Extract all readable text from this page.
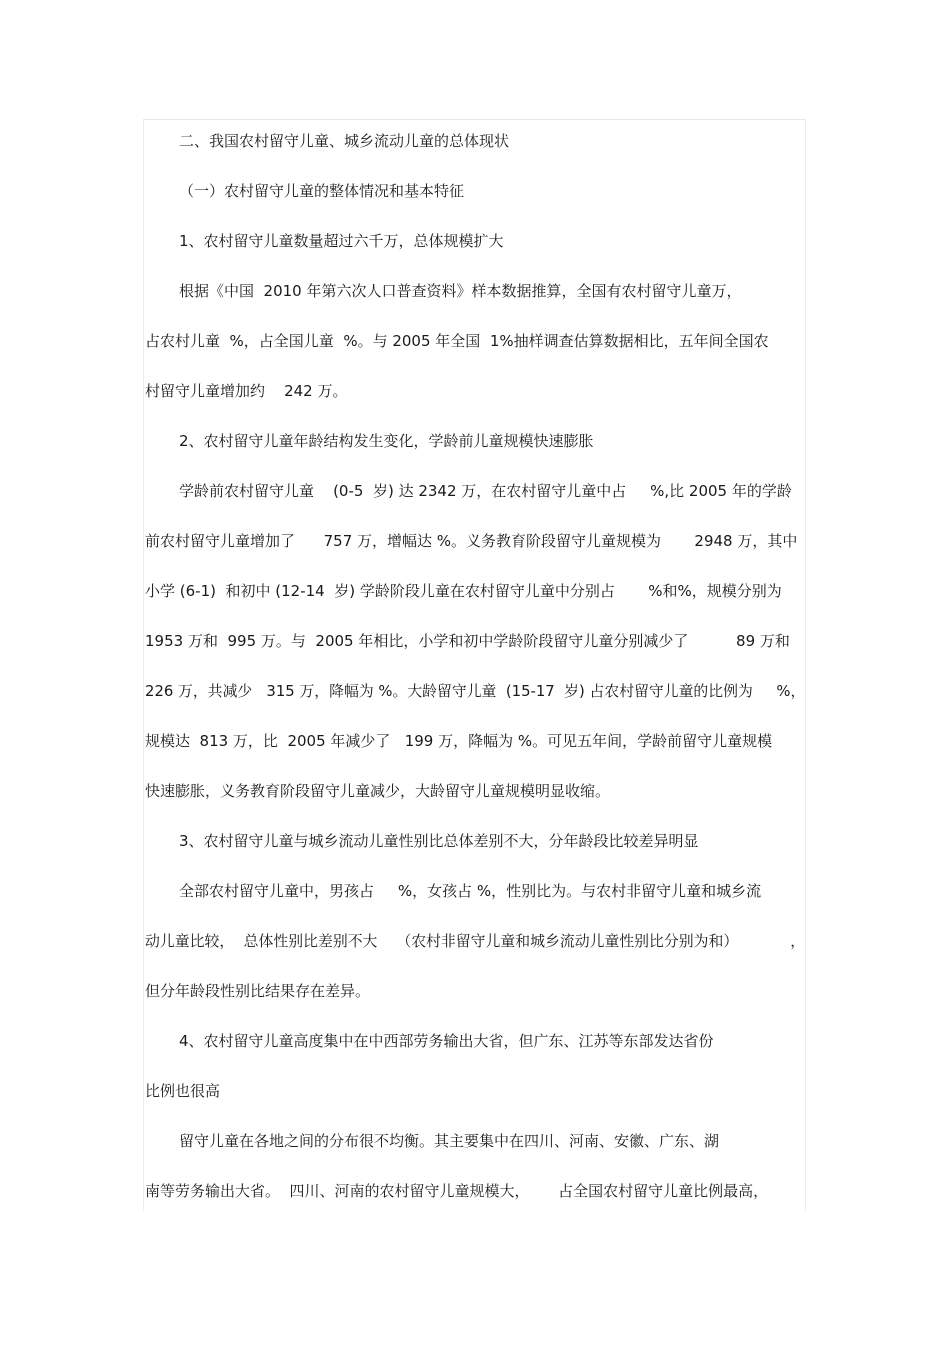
二、我国农村留守儿童、城乡流动儿童的总体现状
（一）农村留守儿童的整体情况和基本特征
1、农村留守儿童数量超过六千万，总体规模扩大
根据《中国  2010 年第六次人口普查资料》样本数据推算，全国有农村留守儿童万，
占农村儿童  %，占全国儿童  %。与 2005 年全国  1%抽样调查估算数据相比，五年间全国农
村留守儿童增加约    242 万。
2、农村留守儿童年龄结构发生变化，学龄前儿童规模快速膨胀
学龄前农村留守儿童    (0-5  岁) 达 2342 万，在农村留守儿童中占     %,比 2005 年的学龄
前农村留守儿童增加了      757 万，增幅达 %。义务教育阶段留守儿童规模为       2948 万，其中
小学 (6-1)  和初中 (12-14  岁) 学龄阶段儿童在农村留守儿童中分别占       %和%，规模分别为
1953 万和  995 万。与  2005 年相比，小学和初中学龄阶段留守儿童分别减少了          89 万和
226 万，共减少   315 万，降幅为 %。大龄留守儿童  (15-17  岁) 占农村留守儿童的比例为     %，
规模达  813 万，比  2005 年减少了   199 万，降幅为 %。可见五年间，学龄前留守儿童规模
快速膨胀，义务教育阶段留守儿童减少，大龄留守儿童规模明显收缩。
3、农村留守儿童与城乡流动儿童性别比总体差别不大，分年龄段比较差异明显
全部农村留守儿童中，男孩占     %，女孩占 %，性别比为。与农村非留守儿童和城乡流
动儿童比较，  总体性别比差别不大    （农村非留守儿童和城乡流动儿童性别比分别为和）           ，
但分年龄段性别比结果存在差异。
4、农村留守儿童高度集中在中西部劳务输出大省，但广东、江苏等东部发达省份
比例也很高
留守儿童在各地之间的分布很不均衡。其主要集中在四川、河南、安徽、广东、湖
南等劳务输出大省。  四川、河南的农村留守儿童规模大，      占全国农村留守儿童比例最高，
